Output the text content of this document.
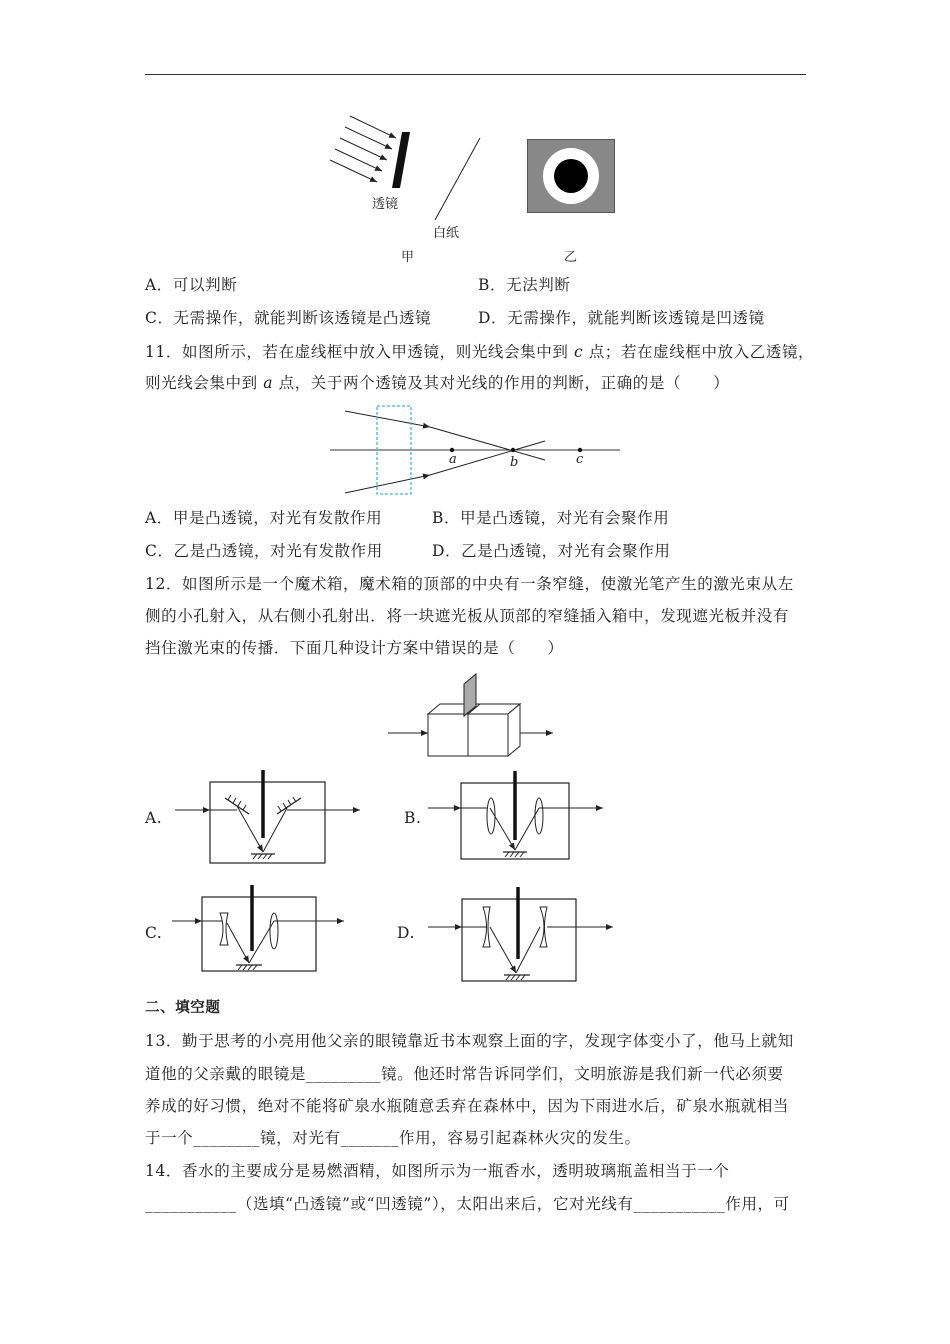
透镜
白纸
甲	乙
A．可以判断	B．无法判断
C．无需操作，就能判断该透镜是凸透镜	D．无需操作，就能判断该透镜是凹透镜
11．如图所示，若在虚线框中放入甲透镜，则光线会集中到 c 点；若在虚线框中放入乙透镜，
则光线会集中到 a 点，关于两个透镜及其对光线的作用的判断，正确的是（　　）
a	b	c
A．甲是凸透镜，对光有发散作用	B．甲是凸透镜，对光有会聚作用
C．乙是凸透镜，对光有发散作用	D．乙是凸透镜，对光有会聚作用
12．如图所示是一个魔术箱，魔术箱的顶部的中央有一条窄缝，使激光笔产生的激光束从左
侧的小孔射入，从右侧小孔射出．将一块遮光板从顶部的窄缝插入箱中，发现遮光板并没有
挡住激光束的传播．下面几种设计方案中错误的是（　　）
A.	B.
C.	D.
二、填空题
13．勤于思考的小亮用他父亲的眼镜靠近书本观察上面的字，发现字体变小了，他马上就知
道他的父亲戴的眼镜是_________镜。他还时常告诉同学们，文明旅游是我们新一代必须要
养成的好习惯，绝对不能将矿泉水瓶随意丢弃在森林中，因为下雨进水后，矿泉水瓶就相当
于一个________镜，对光有_______作用，容易引起森林火灾的发生。
14．香水的主要成分是易燃酒精，如图所示为一瓶香水，透明玻璃瓶盖相当于一个
___________（选填“凸透镜”或“凹透镜”），太阳出来后，它对光线有___________作用，可
